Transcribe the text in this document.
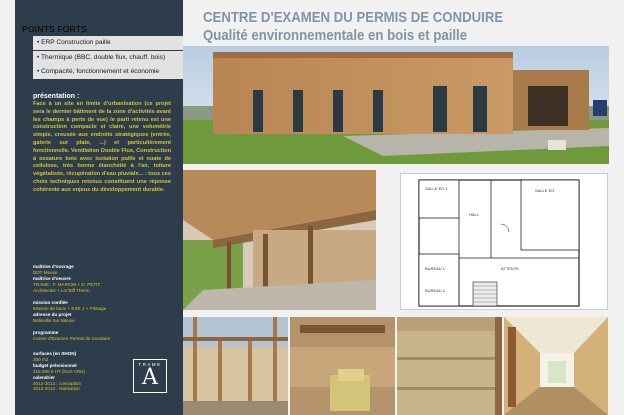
POINTS FORTS
• ERP Construction paille
• Thermique (BBC, double flux, chauff. bois)
• Compacité, fonctionnement et économie
présentation :
Face à un site en limite d'urbanisation (ce projet sera le dernier bâtiment de la zone d'activités avant les champs à perte de vue) le parti retenu est une construction compacte et claire, une volumétrie simple, creusée aux endroits stratégiques (entrée, galerie sur plate, ...) et particulièrement fonctionnelle. Ventilation Double Flux, Construction à ossature bois avec isolation paille et ouate de cellulose, très bonne étanchéité à l'air, toiture végétalisée, récupération d'eau pluviale... : tous ces choix techniques retenus constituent une réponse cohérente aux enjeux du développement durable.
maîtrise d'ouvrage
DDT Meuse
maîtrise d'oeuvre
TRAME : F. MARION + D. PETIT
Architectes + Lor'Eiff Therm.
mission confiée
Mission de base + EXE 1 + Pilotage
adresse du projet
Belleville Sur Meuse
programme
Centre d'Examen Permis de Conduire
surfaces (en SHON)
300 m2
budget prévisionnel
315 000 € HT (hors VRD)
calendrier
2012-2013 : conception
2013-2014 : réalisation
TRAME
A
CENTRE D'EXAMEN DU PERMIS DE CONDUIRE
Qualité environnementale en bois et paille
SALLE EG 1	SALLE EG
HALL
BUREAU 1
BUREAU 2
ATTENTE
